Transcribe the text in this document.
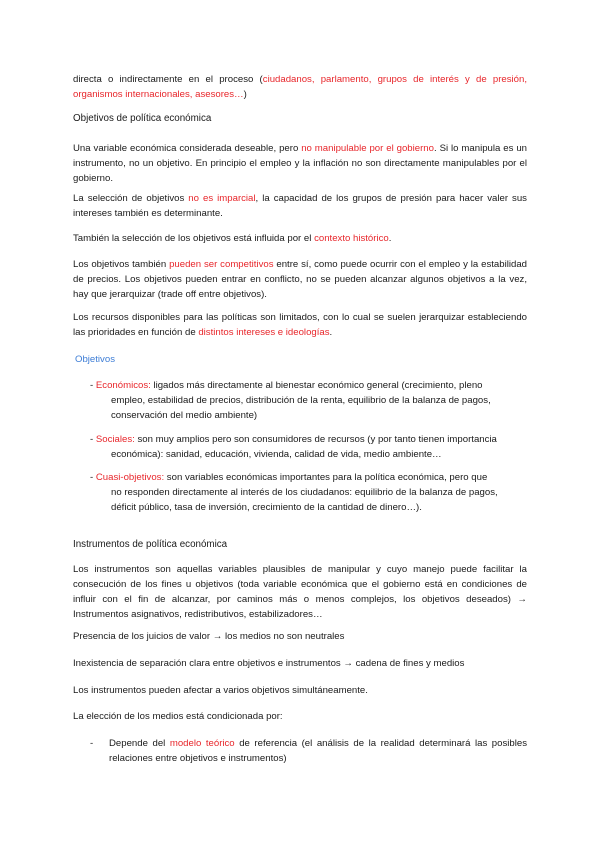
directa o indirectamente en el proceso (ciudadanos, parlamento, grupos de interés y de presión, organismos internacionales, asesores…)

Objetivos de política económica

Una variable económica considerada deseable, pero no manipulable por el gobierno. Si lo manipula es un instrumento, no un objetivo. En principio el empleo y la inflación no son directamente manipulables por el gobierno.

La selección de objetivos no es imparcial, la capacidad de los grupos de presión para hacer valer sus intereses también es determinante.

También la selección de los objetivos está influida por el contexto histórico.

Los objetivos también pueden ser competitivos entre sí, como puede ocurrir con el empleo y la estabilidad de precios. Los objetivos pueden entrar en conflicto, no se pueden alcanzar algunos objetivos a la vez, hay que jerarquizar (trade off entre objetivos).

Los recursos disponibles para las políticas son limitados, con lo cual se suelen jerarquizar estableciendo las prioridades en función de distintos intereses e ideologías.

Objetivos

- Económicos: ligados más directamente al bienestar económico general (crecimiento, pleno
empleo, estabilidad de precios, distribución de la renta, equilibrio de la balanza de pagos, conservación del medio ambiente)

- Sociales: son muy amplios pero son consumidores de recursos (y por tanto tienen importancia
económica): sanidad, educación, vivienda, calidad de vida, medio ambiente…

- Cuasi-objetivos: son variables económicas importantes para la política económica, pero que
no responden directamente al interés de los ciudadanos: equilibrio de la balanza de pagos, déficit público, tasa de inversión, crecimiento de la cantidad de dinero…).

Instrumentos de política económica

Los instrumentos son aquellas variables plausibles de manipular y cuyo manejo puede facilitar la consecución de los fines u objetivos (toda variable económica que el gobierno está en condiciones de influir con el fin de alcanzar, por caminos más o menos complejos, los objetivos deseados) → Instrumentos asignativos, redistributivos, estabilizadores…

Presencia de los juicios de valor → los medios no son neutrales

Inexistencia de separación clara entre objetivos e instrumentos → cadena de fines y medios

Los instrumentos pueden afectar a varios objetivos simultáneamente.

La elección de los medios está condicionada por:

- Depende del modelo teórico de referencia (el análisis de la realidad determinará las posibles relaciones entre objetivos e instrumentos)
